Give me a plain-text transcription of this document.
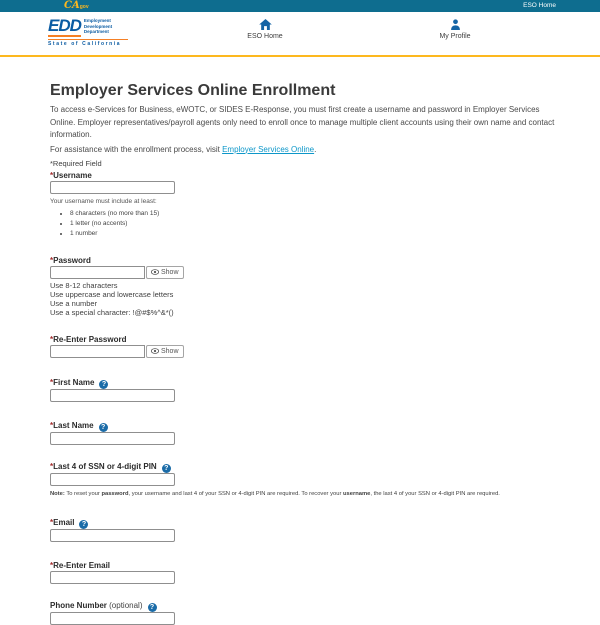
CAgov	ESO Home
EDD Employment
Development
Department
State of California
ESO Home	My Profile
Employer Services Online Enrollment

To access e-Services for Business, eWOTC, or SIDES E-Response, you must first create a username and password in Employer Services Online. Employer representatives/payroll agents only need to enroll once to manage multiple client accounts using their own name and contact information.

For assistance with the enrollment process, visit Employer Services Online.

*Required Field

*Username
Your username must include at least:
• 8 characters (no more than 15)
• 1 letter (no accents)
• 1 number
*Password
Show
Use 8-12 characters
Use uppercase and lowercase letters
Use a number
Use a special character: !@#$%^&*()
*Re-Enter Password
Show
*First Name ?
*Last Name ?
*Last 4 of SSN or 4-digit PIN ?

Note: To reset your password, your username and last 4 of your SSN or 4-digit PIN are required. To recover your username, the last 4 of your SSN or 4-digit PIN are required.

*Email ?
*Re-Enter Email
Phone Number (optional) ?
